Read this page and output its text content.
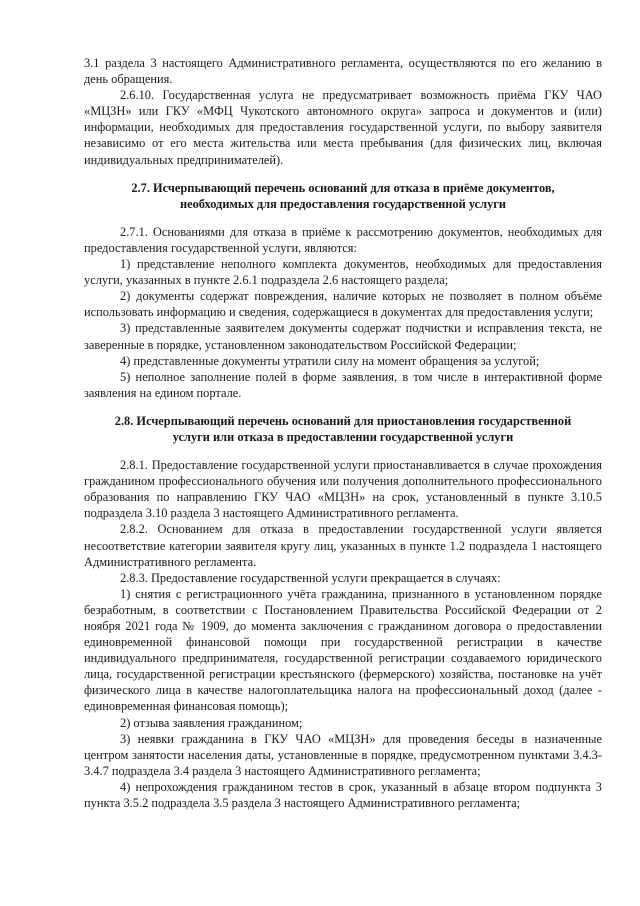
3.1 раздела 3 настоящего Административного регламента, осуществляются по его желанию в день обращения.

2.6.10. Государственная услуга не предусматривает возможность приёма ГКУ ЧАО «МЦЗН» или ГКУ «МФЦ Чукотского автономного округа» запроса и документов и (или) информации, необходимых для предоставления государственной услуги, по выбору заявителя независимо от его места жительства или места пребывания (для физических лиц, включая индивидуальных предпринимателей).

2.7. Исчерпывающий перечень оснований для отказа в приёме документов, необходимых для предоставления государственной услуги

2.7.1. Основаниями для отказа в приёме к рассмотрению документов, необходимых для предоставления государственной услуги, являются:

1) представление неполного комплекта документов, необходимых для предоставления услуги, указанных в пункте 2.6.1 подраздела 2.6 настоящего раздела;

2) документы содержат повреждения, наличие которых не позволяет в полном объёме использовать информацию и сведения, содержащиеся в документах для предоставления услуги;

3) представленные заявителем документы содержат подчистки и исправления текста, не заверенные в порядке, установленном законодательством Российской Федерации;

4) представленные документы утратили силу на момент обращения за услугой;

5) неполное заполнение полей в форме заявления, в том числе в интерактивной форме заявления на едином портале.

2.8. Исчерпывающий перечень оснований для приостановления государственной услуги или отказа в предоставлении государственной услуги

2.8.1. Предоставление государственной услуги приостанавливается в случае прохождения гражданином профессионального обучения или получения дополнительного профессионального образования по направлению ГКУ ЧАО «МЦЗН» на срок, установленный в пункте 3.10.5 подраздела 3.10 раздела 3 настоящего Административного регламента.

2.8.2. Основанием для отказа в предоставлении государственной услуги является несоответствие категории заявителя кругу лиц, указанных в пункте 1.2 подраздела 1 настоящего Административного регламента.

2.8.3. Предоставление государственной услуги прекращается в случаях:

1) снятия с регистрационного учёта гражданина, признанного в установленном порядке безработным, в соответствии с Постановлением Правительства Российской Федерации от 2 ноября 2021 года № 1909, до момента заключения с гражданином договора о предоставлении единовременной финансовой помощи при государственной регистрации в качестве индивидуального предпринимателя, государственной регистрации создаваемого юридического лица, государственной регистрации крестьянского (фермерского) хозяйства, постановке на учёт физического лица в качестве налогоплательщика налога на профессиональный доход (далее - единовременная финансовая помощь);

2) отзыва заявления гражданином;

3) неявки гражданина в ГКУ ЧАО «МЦЗН» для проведения беседы в назначенные центром занятости населения даты, установленные в порядке, предусмотренном пунктами 3.4.3-3.4.7 подраздела 3.4 раздела 3 настоящего Административного регламента;

4) непрохождения гражданином тестов в срок, указанный в абзаце втором подпункта 3 пункта 3.5.2 подраздела 3.5 раздела 3 настоящего Административного регламента;
